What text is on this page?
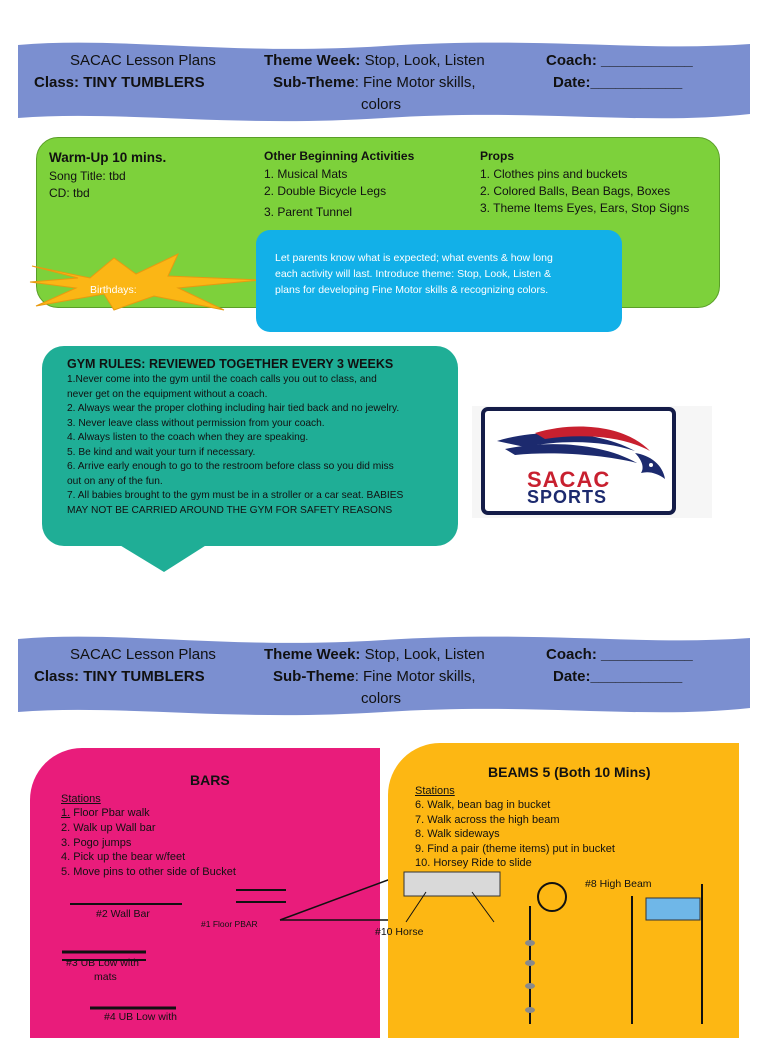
SACAC Lesson Plans
Class: TINY TUMBLERS
Theme Week: Stop, Look, Listen
Sub-Theme: Fine Motor skills,
colors
Coach: ___________
Date:___________
Warm-Up 10 mins.
Song Title: tbd
CD: tbd
Other Beginning Activities
1. Musical Mats
2. Double Bicycle Legs
3. Parent Tunnel
Props
1. Clothes pins and buckets
2. Colored Balls, Bean Bags, Boxes
3. Theme Items Eyes, Ears, Stop Signs
Birthdays:
Let parents know what is expected; what events & how long
each activity will last. Introduce theme: Stop, Look, Listen &
plans for developing Fine Motor skills & recognizing colors.
GYM RULES: REVIEWED TOGETHER EVERY 3 WEEKS
1.Never come into the gym until the coach calls you out to class, and
never get on the equipment without a coach.
2. Always wear the proper clothing including hair tied back and no jewelry.
3. Never leave class without permission from your coach.
4. Always listen to the coach when they are speaking.
5. Be kind and wait your turn if necessary.
6. Arrive early enough to go to the restroom before class so you did miss
out on any of the fun.
7. All babies brought to the gym must be in a stroller or a car seat. BABIES
MAY NOT BE CARRIED AROUND THE GYM FOR SAFETY REASONS
SACAC
SPORTS
SACAC Lesson Plans
Class: TINY TUMBLERS
Theme Week: Stop, Look, Listen
Sub-Theme: Fine Motor skills,
colors
Coach: ___________
Date:___________
BARS
Stations
1. Floor Pbar walk
2. Walk up Wall bar
3. Pogo jumps
4. Pick up the bear w/feet
5. Move pins to other side of Bucket
#2 Wall Bar
#1 Floor PBAR
#3 UB Low with
mats
#4 UB Low with
BEAMS 5 (Both 10 Mins)
Stations
6. Walk, bean bag in bucket
7. Walk across the high beam
8. Walk sideways
9. Find a pair (theme items) put in bucket
10. Horsey Ride to slide
#10 Horse
#8 High Beam
